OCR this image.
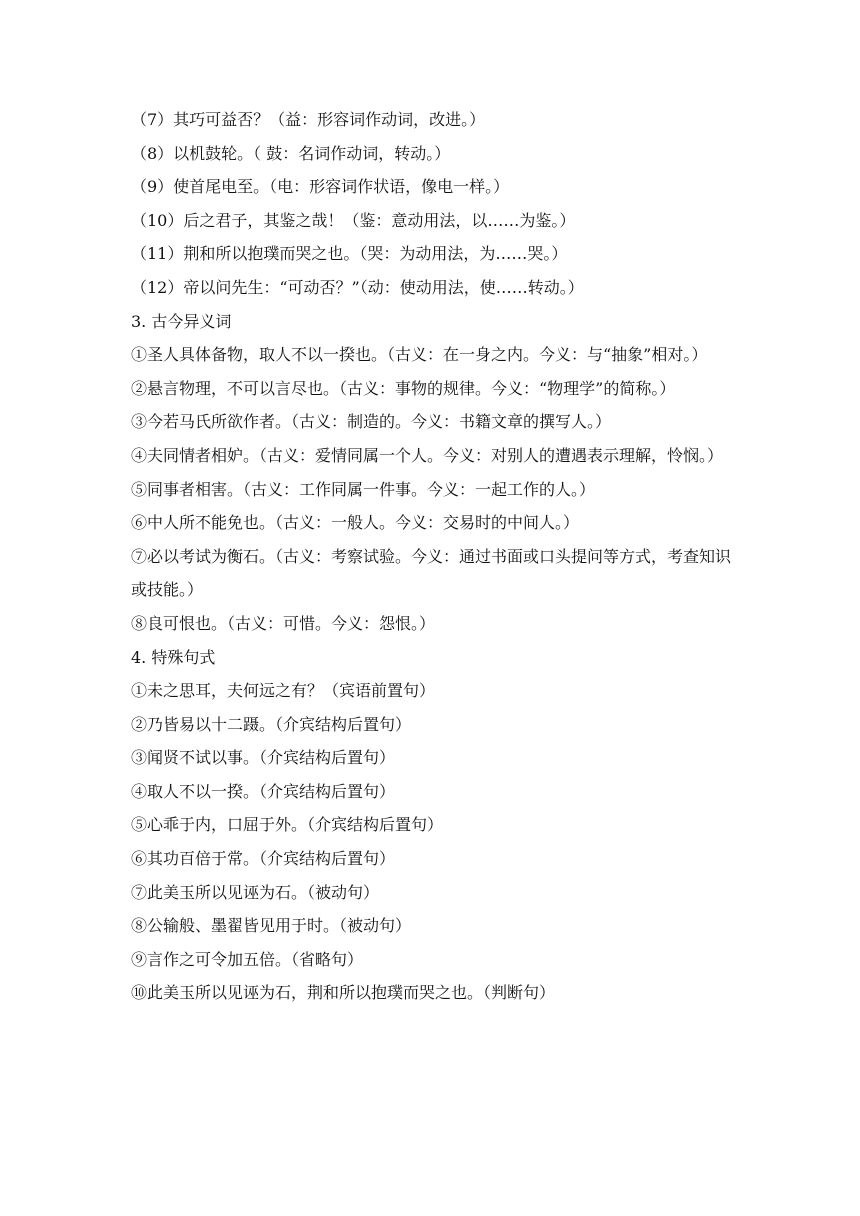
（7）其巧可益否？（益：形容词作动词，改进。）
（8）以机鼓轮。（ 鼓：名词作动词，转动。）
（9）使首尾电至。（电：形容词作状语，像电一样。）
（10）后之君子，其鉴之哉！（鉴：意动用法，以……为鉴。）
（11）荆和所以抱璞而哭之也。（哭：为动用法，为……哭。）
（12）帝以问先生：“可动否？”（动：使动用法，使……转动。）
3. 古今异义词
①圣人具体备物，取人不以一揆也。（古义：在一身之内。今义：与“抽象”相对。）
②悬言物理，不可以言尽也。（古义：事物的规律。今义：“物理学”的简称。）
③今若马氏所欲作者。（古义：制造的。今义：书籍文章的撰写人。）
④夫同情者相妒。（古义：爱情同属一个人。今义：对别人的遭遇表示理解，怜悯。）
⑤同事者相害。（古义：工作同属一件事。今义：一起工作的人。）
⑥中人所不能免也。（古义：一般人。今义：交易时的中间人。）
⑦必以考试为衡石。（古义：考察试验。今义：通过书面或口头提问等方式，考查知识或技能。）
⑧良可恨也。（古义：可惜。今义：怨恨。）
4. 特殊句式
①未之思耳，夫何远之有？（宾语前置句）
②乃皆易以十二蹑。（介宾结构后置句）
③闻贤不试以事。（介宾结构后置句）
④取人不以一揆。（介宾结构后置句）
⑤心乖于内，口屈于外。（介宾结构后置句）
⑥其功百倍于常。（介宾结构后置句）
⑦此美玉所以见诬为石。（被动句）
⑧公输般、墨翟皆见用于时。（被动句）
⑨言作之可令加五倍。（省略句）
⑩此美玉所以见诬为石，荆和所以抱璞而哭之也。（判断句）
